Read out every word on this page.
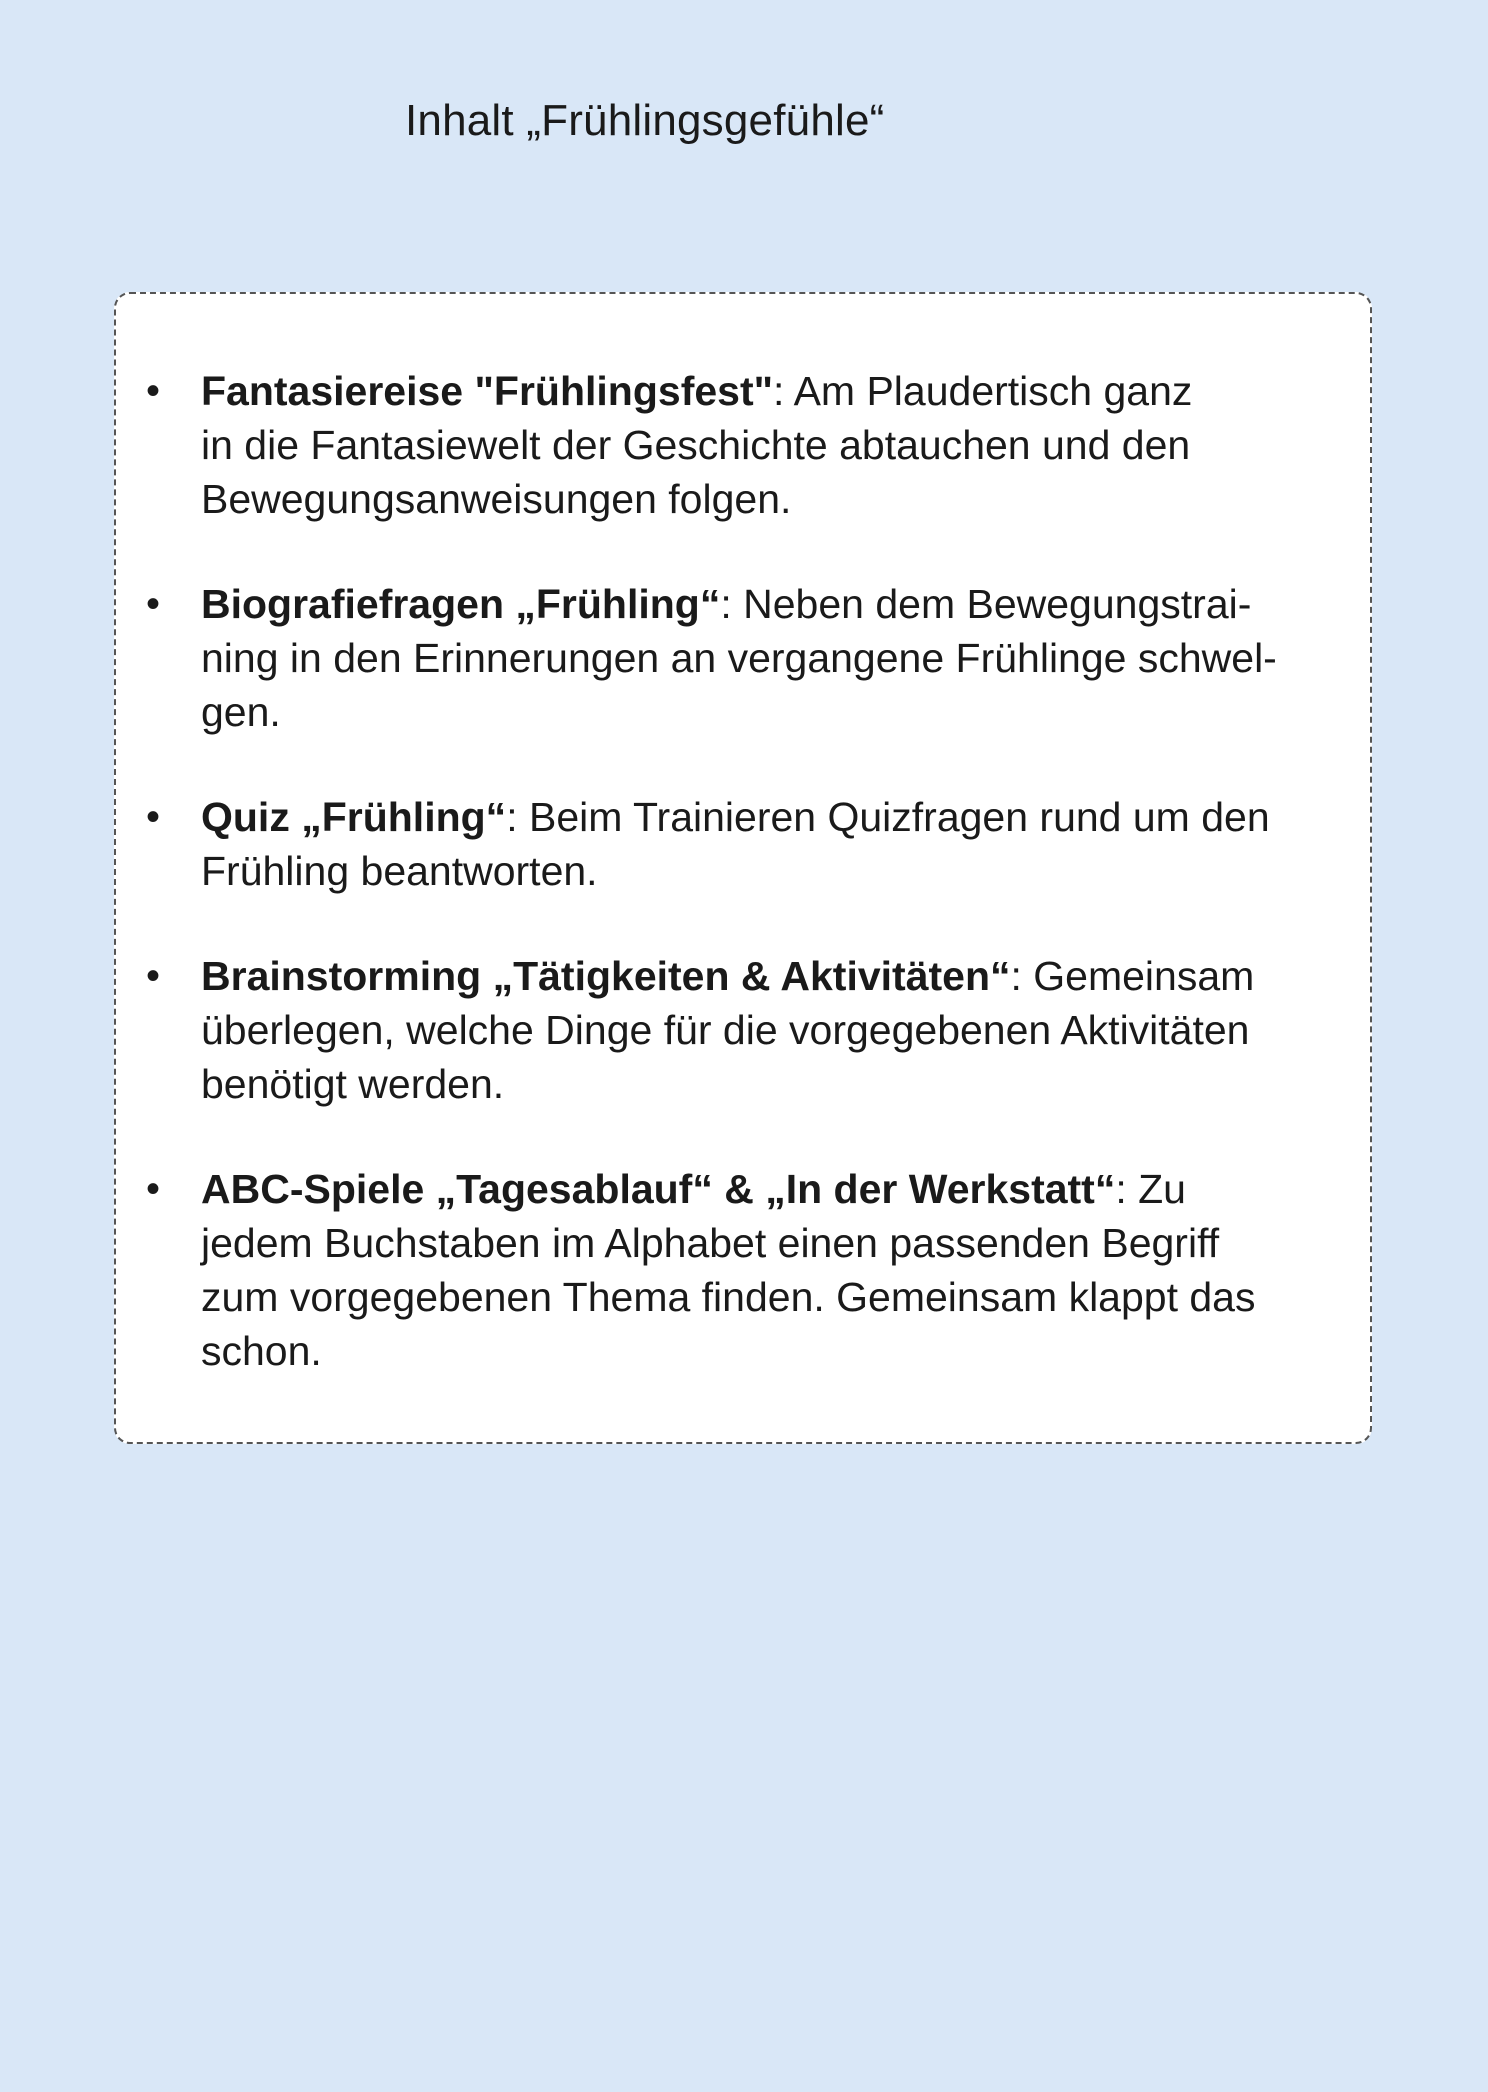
Inhalt „Frühlingsgefühle“
• Fantasiereise "Frühlingsfest": Am Plaudertisch ganz
in die Fantasiewelt der Geschichte abtauchen und den
Bewegungsanweisungen folgen.
• Biografiefragen „Frühling“: Neben dem Bewegungstrai-
ning in den Erinnerungen an vergangene Frühlinge schwel-
gen.
• Quiz „Frühling“: Beim Trainieren Quizfragen rund um den
Frühling beantworten.
• Brainstorming „Tätigkeiten & Aktivitäten“: Gemeinsam
überlegen, welche Dinge für die vorgegebenen Aktivitäten
benötigt werden.
• ABC-Spiele „Tagesablauf“ & „In der Werkstatt“: Zu
jedem Buchstaben im Alphabet einen passenden Begriff
zum vorgegebenen Thema finden. Gemeinsam klappt das
schon.
